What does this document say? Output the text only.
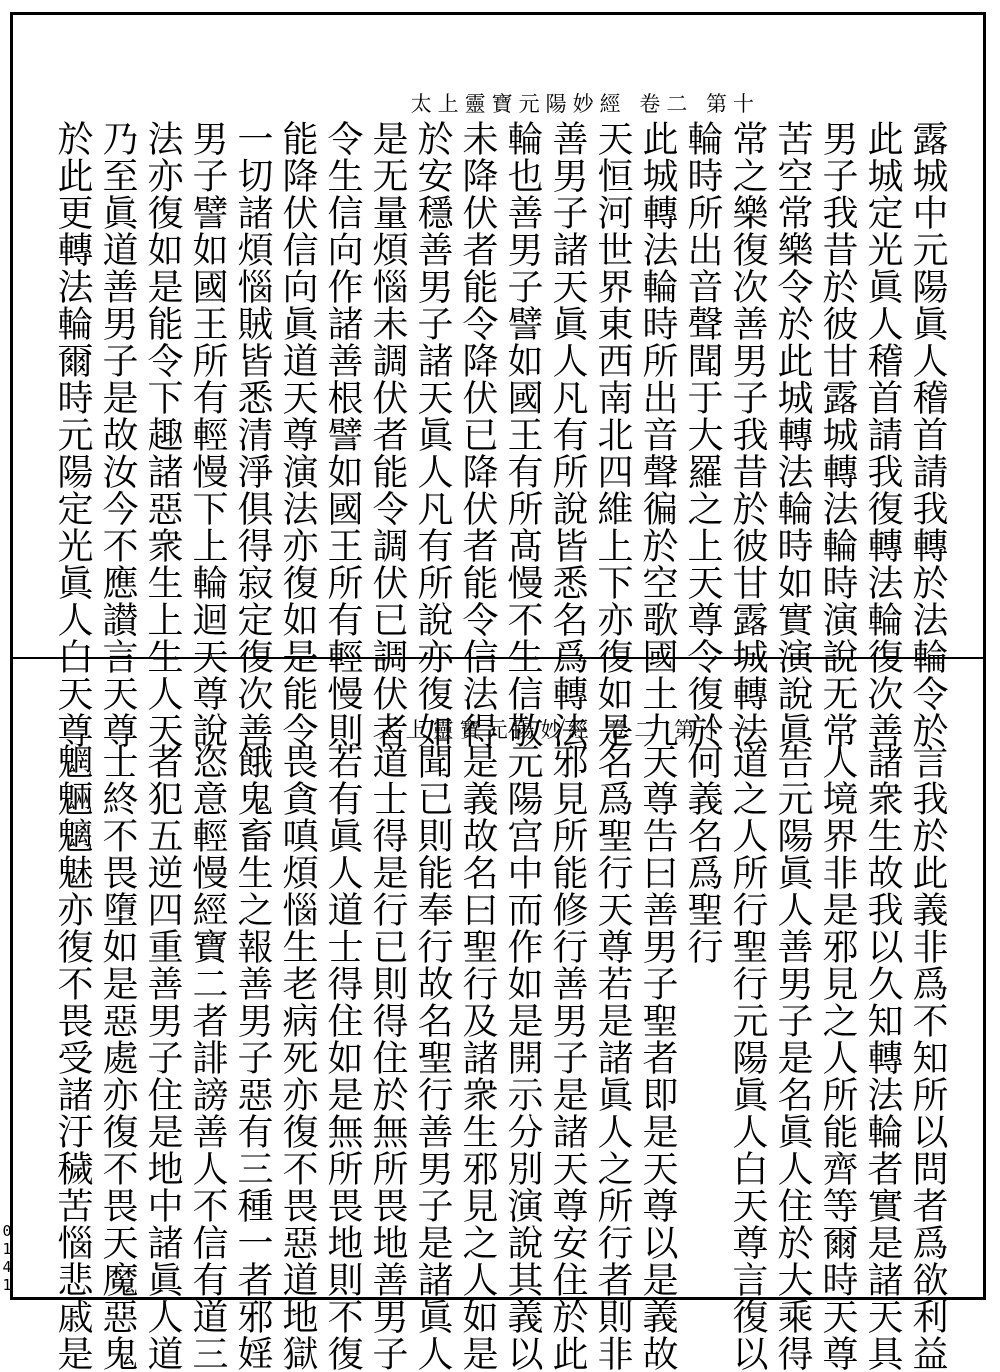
太上靈寶元陽妙經 卷二 第十
露城中元陽眞人稽首請我轉於法輪令於
此城定光眞人稽首請我復轉法輪復次善
男子我昔於彼甘露城轉法輪時演說无常
苦空常樂令於此城轉法輪時如實演說眞
常之樂復次善男子我昔於彼甘露城轉法
輪時所出音聲聞于大羅之上天尊令復於
此城轉法輪時所出音聲徧於空歌國土九
天恒河世界東西南北四維上下亦復如是
善男子諸天眞人凡有所說皆悉名爲轉法
輪也善男子譬如國王有所髙慢不生信敬
未降伏者能令降伏已降伏者能令信法得
於安穩善男子諸天眞人凡有所說亦復如
是无量煩惱未調伏者能令調伏已調伏者
令生信向作諸善根譬如國王所有輕慢則
能降伏信向眞道天尊演法亦復如是能令
一切諸煩惱賊皆悉清淨俱得寂定復次善
男子譬如國王所有輕慢下上輪迴天尊說
法亦復如是能令下趣諸惡衆生上生人天
乃至眞道善男子是故汝今不應讃言天尊
於此更轉法輪爾時元陽定光眞人白天尊	太上靈寶元陽妙經 卷二 第十一
言我於此義非爲不知所以問者爲欲利益
諸衆生故我以久知轉法輪者實是諸天具
人境界非是邪見之人所能齊等爾時天尊
告元陽眞人善男子是名眞人住於大乘得
道之人所行聖行元陽眞人白天尊言復以
何義名爲聖行
天尊告曰善男子聖者即是天尊以是義故
名爲聖行天尊若是諸眞人之所行者則非
邪見所能修行善男子是諸天尊安住於此
元陽宫中而作如是開示分別演說其義以
是義故名曰聖行及諸衆生邪見之人如是
聞已則能奉行故名聖行善男子是諸眞人
道士得是行已則得住於無所畏地善男子
若有眞人道士得住如是無所畏地則不復
畏貪嗔煩惱生老病死亦復不畏惡道地獄
餓鬼畜生之報善男子惡有三種一者邪婬
恣意輕慢經寶二者誹謗善人不信有道三
者犯五逆四重善男子住是地中諸眞人道
士終不畏墮如是惡處亦復不畏天魔惡鬼
魍魎魑魅亦復不畏受諸汙穢苦惱悲戚是
0
1
4
1
